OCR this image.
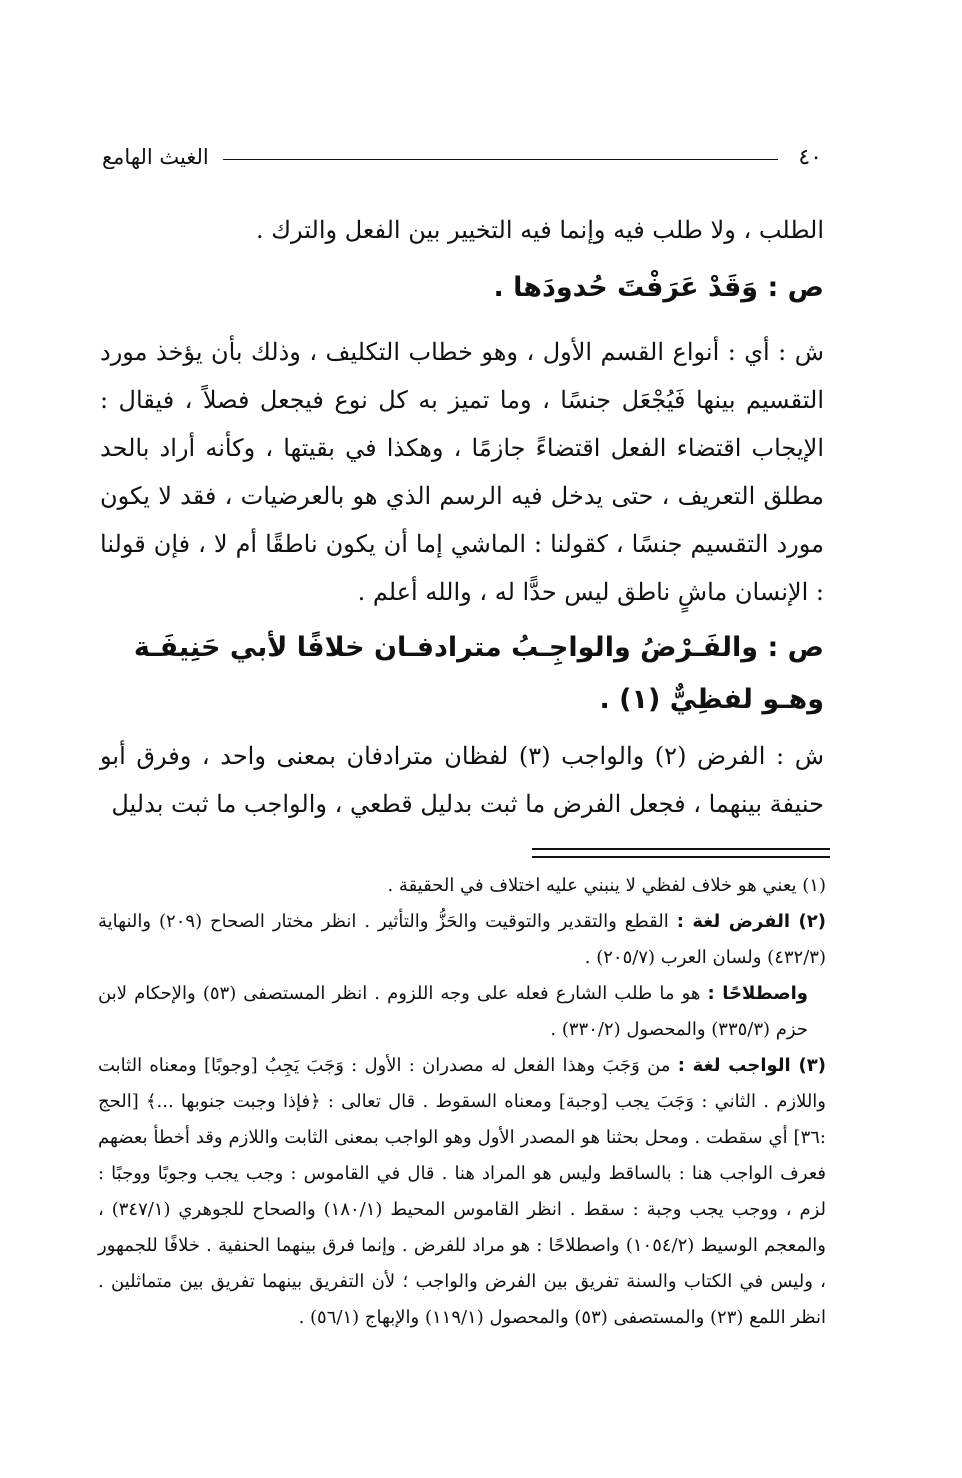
٤٠
الغيث الهامع

الطلب ، ولا طلب فيه وإنما فيه التخيير بين الفعل والترك .

ص : وَقَدْ عَرَفْتَ حُدودَها .

ش : أي : أنواع القسم الأول ، وهو خطاب التكليف ، وذلك بأن يؤخذ مورد التقسيم بينها فَيُجْعَل جنسًا ، وما تميز به كل نوع فيجعل فصلاً ، فيقال : الإيجاب اقتضاء الفعل اقتضاءً جازمًا ، وهكذا في بقيتها ، وكأنه أراد بالحد مطلق التعريف ، حتى يدخل فيه الرسم الذي هو بالعرضيات ، فقد لا يكون مورد التقسيم جنسًا ، كقولنا : الماشي إما أن يكون ناطقًا أم لا ، فإن قولنا : الإنسان ماشٍ ناطق ليس حدًّا له ، والله أعلم .

ص : والفَـرْضُ والواجِـبُ مترادفـان خلافًا لأبي حَنِيفَـة وهـو لفظِيٌّ (١) .

ش : الفرض (٢) والواجب (٣) لفظان مترادفان بمعنى واحد ، وفرق أبو حنيفة بينهما ، فجعل الفرض ما ثبت بدليل قطعي ، والواجب ما ثبت بدليل

(١) يعني هو خلاف لفظي لا ينبني عليه اختلاف في الحقيقة .

(٢) الفرض لغة : القطع والتقدير والتوقيت والحَزُّ والتأثير . انظر مختار الصحاح (٢٠٩) والنهاية (٤٣٢/٣) ولسان العرب (٢٠٥/٧) .

واصطلاحًا : هو ما طلب الشارع فعله على وجه اللزوم . انظر المستصفى (٥٣) والإحكام لابن حزم (٣٣٥/٣) والمحصول (٣٣٠/٢) .

(٣) الواجب لغة : من وَجَبَ وهذا الفعل له مصدران : الأول : وَجَبَ يَجِبُ [وجوبًا] ومعناه الثابت واللازم . الثاني : وَجَبَ يجب [وجبة] ومعناه السقوط . قال تعالى : ﴿فإذا وجبت جنوبها ...﴾ [الحج :٣٦] أي سقطت . ومحل بحثنا هو المصدر الأول وهو الواجب بمعنى الثابت واللازم وقد أخطأ بعضهم فعرف الواجب هنا : بالساقط وليس هو المراد هنا . قال في القاموس : وجب يجب وجوبًا ووجبًا : لزم ، ووجب يجب وجبة : سقط . انظر القاموس المحيط (١٨٠/١) والصحاح للجوهري (٣٤٧/١) ، والمعجم الوسيط (١٠٥٤/٢) واصطلاحًا : هو مراد للفرض . وإنما فرق بينهما الحنفية . خلافًا للجمهور ، وليس في الكتاب والسنة تفريق بين الفرض والواجب ؛ لأن التفريق بينهما تفريق بين متماثلين . انظر اللمع (٢٣) والمستصفى (٥٣) والمحصول (١١٩/١) والإبهاج (٥٦/١) .
